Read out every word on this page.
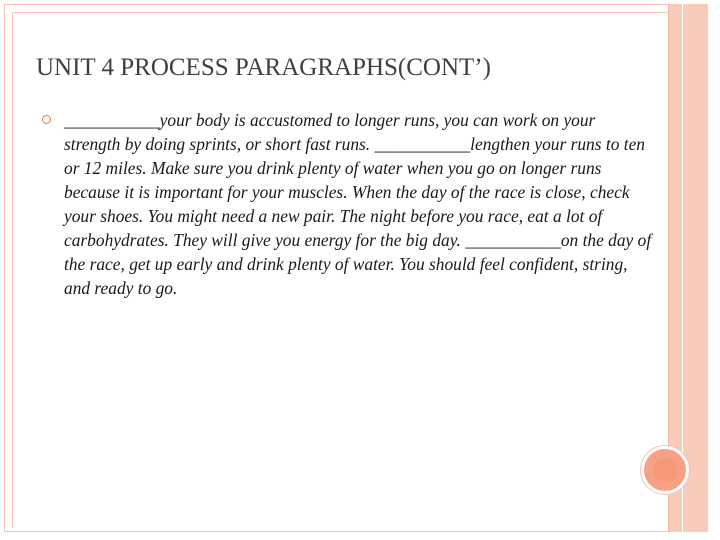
UNIT 4 PROCESS PARAGRAPHS(CONT’)

___________your body is accustomed to longer runs, you can work on your strength by doing sprints, or short fast runs. ___________lengthen your runs to ten or 12 miles. Make sure you drink plenty of water when you go on longer runs because it is important for your muscles. When the day of the race is close, check your shoes. You might need a new pair. The night before you race, eat a lot of carbohydrates. They will give you energy for the big day. ___________on the day of the race, get up early and drink plenty of water. You should feel confident, string, and ready to go.
